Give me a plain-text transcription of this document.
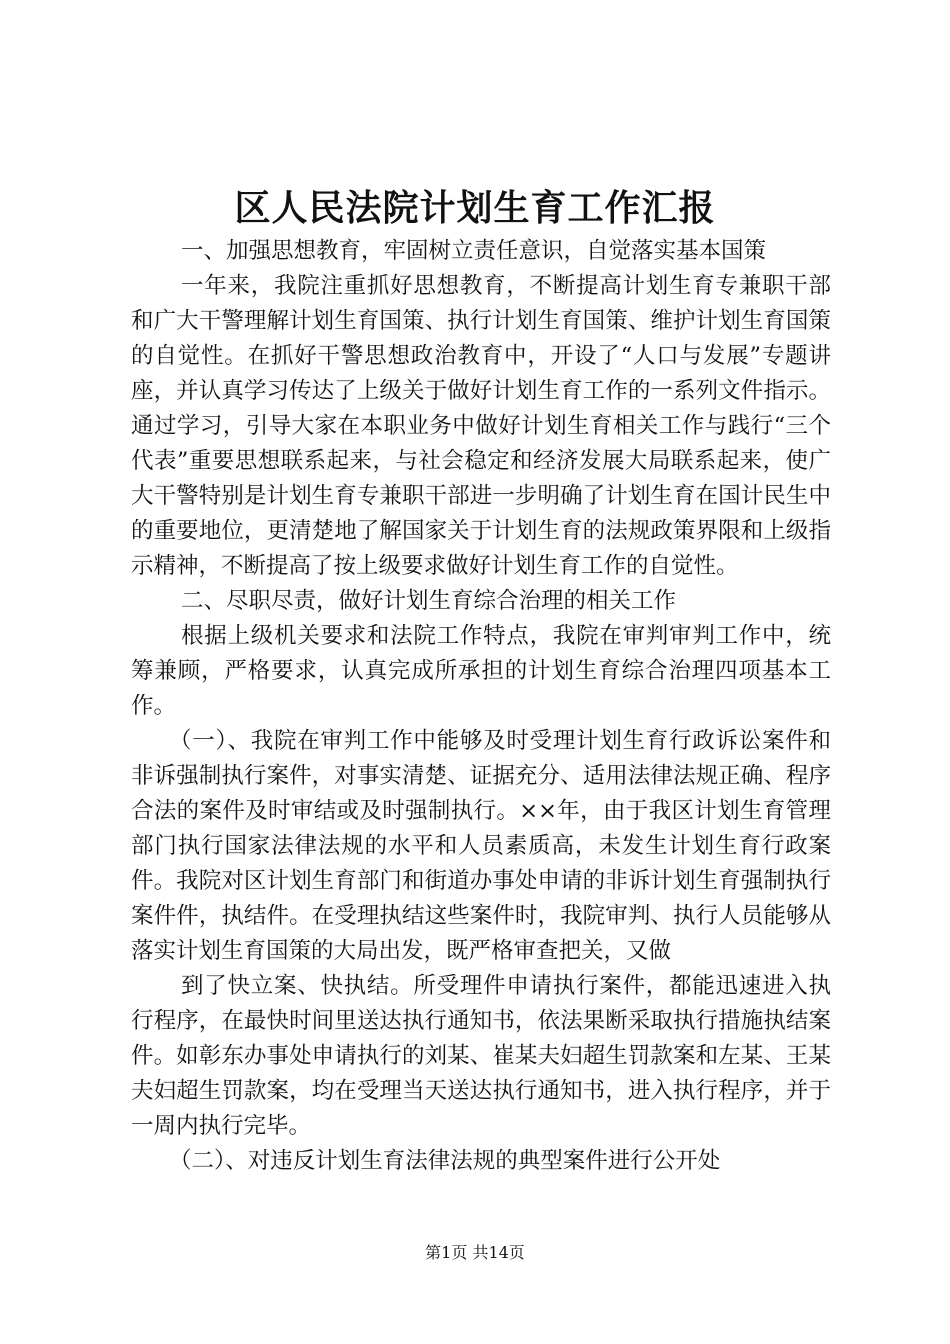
区人民法院计划生育工作汇报

一、加强思想教育，牢固树立责任意识，自觉落实基本国策

一年来，我院注重抓好思想教育，不断提高计划生育专兼职干部和广大干警理解计划生育国策、执行计划生育国策、维护计划生育国策的自觉性。在抓好干警思想政治教育中，开设了“人口与发展”专题讲座，并认真学习传达了上级关于做好计划生育工作的一系列文件指示。通过学习，引导大家在本职业务中做好计划生育相关工作与践行“三个代表”重要思想联系起来，与社会稳定和经济发展大局联系起来，使广大干警特别是计划生育专兼职干部进一步明确了计划生育在国计民生中的重要地位，更清楚地了解国家关于计划生育的法规政策界限和上级指示精神，不断提高了按上级要求做好计划生育工作的自觉性。

二、尽职尽责，做好计划生育综合治理的相关工作

根据上级机关要求和法院工作特点，我院在审判审判工作中，统筹兼顾，严格要求，认真完成所承担的计划生育综合治理四项基本工作。

（一）、我院在审判工作中能够及时受理计划生育行政诉讼案件和非诉强制执行案件，对事实清楚、证据充分、适用法律法规正确、程序合法的案件及时审结或及时强制执行。××年，由于我区计划生育管理部门执行国家法律法规的水平和人员素质高，未发生计划生育行政案件。我院对区计划生育部门和街道办事处申请的非诉计划生育强制执行案件件，执结件。在受理执结这些案件时，我院审判、执行人员能够从落实计划生育国策的大局出发，既严格审查把关，又做

到了快立案、快执结。所受理件申请执行案件，都能迅速进入执行程序，在最快时间里送达执行通知书，依法果断采取执行措施执结案件。如彰东办事处申请执行的刘某、崔某夫妇超生罚款案和左某、王某夫妇超生罚款案，均在受理当天送达执行通知书，进入执行程序，并于一周内执行完毕。

（二）、对违反计划生育法律法规的典型案件进行公开处

第1页 共14页
